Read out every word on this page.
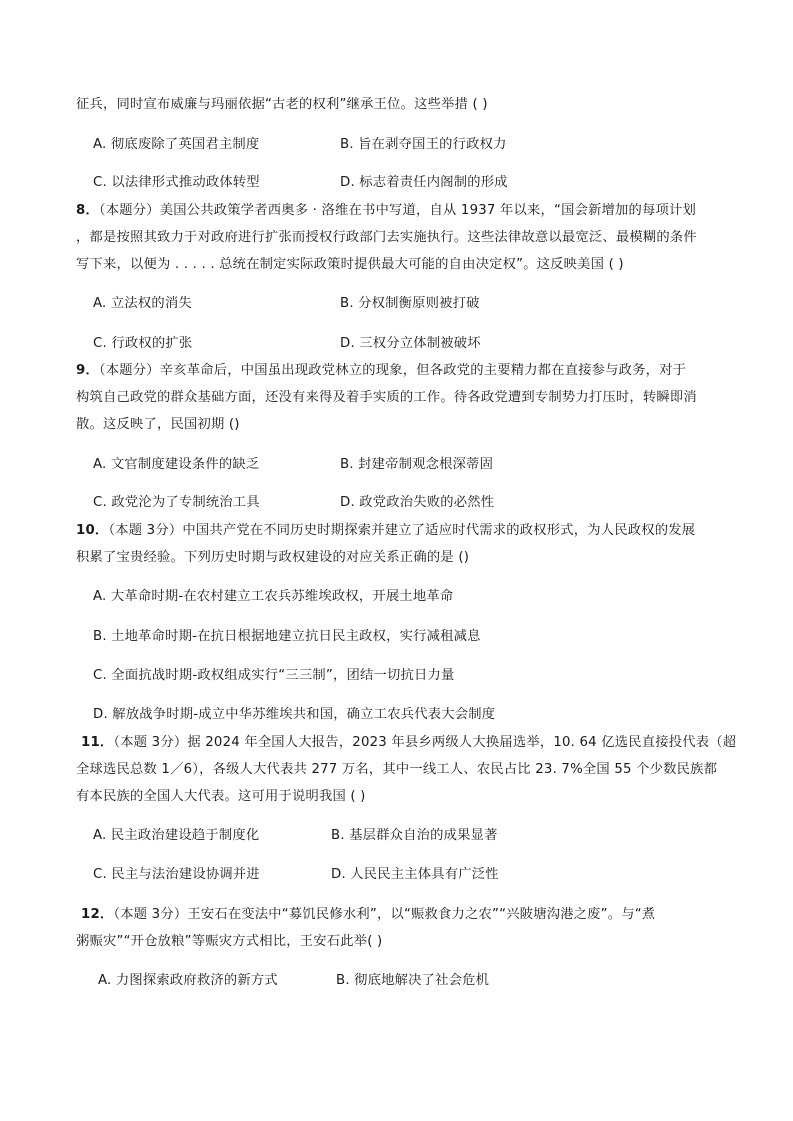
征兵，同时宣布威廉与玛丽依据“古老的权利”继承王位。这些举措 ( )
A. 彻底废除了英国君主制度	B. 旨在剥夺国王的行政权力
C. 以法律形式推动政体转型	D. 标志着责任内阁制的形成
8．（本题分）美国公共政策学者西奥多 · 洛维在书中写道，自从 1937 年以来，“国会新增加的每项计划
，都是按照其致力于对政府进行扩张而授权行政部门去实施执行。这些法律故意以最宽泛、最模糊的条件
写下来，以便为 . . . . . 总统在制定实际政策时提供最大可能的自由决定权”。这反映美国 ( )
A. 立法权的消失	B. 分权制衡原则被打破
C. 行政权的扩张	D. 三权分立体制被破坏
9．（本题分）辛亥革命后，中国虽出现政党林立的现象，但各政党的主要精力都在直接参与政务，对于
构筑自己政党的群众基础方面，还没有来得及着手实质的工作。待各政党遭到专制势力打压时，转瞬即消
散。这反映了，民国初期 ()
A. 文官制度建设条件的缺乏	B. 封建帝制观念根深蒂固
C. 政党沦为了专制统治工具	D. 政党政治失败的必然性
10．（本题 3分）中国共产党在不同历史时期探索并建立了适应时代需求的政权形式，为人民政权的发展
积累了宝贵经验。下列历史时期与政权建设的对应关系正确的是 ()
A. 大革命时期-在农村建立工农兵苏维埃政权，开展土地革命
B. 土地革命时期-在抗日根据地建立抗日民主政权，实行减租减息
C. 全面抗战时期-政权组成实行“三三制”，团结一切抗日力量
D. 解放战争时期-成立中华苏维埃共和国，确立工农兵代表大会制度
11．（本题 3分）据 2024 年全国人大报告，2023 年县乡两级人大换届选举，10. 64 亿选民直接投代表（超
全球选民总数 1／6），各级人大代表共 277 万名，其中一线工人、农民占比 23. 7%全国 55 个少数民族都
有本民族的全国人大代表。这可用于说明我国 ( )
A. 民主政治建设趋于制度化	B. 基层群众自治的成果显著
C. 民主与法治建设协调并进	D. 人民民主主体具有广泛性
12．（本题 3分）王安石在变法中“募饥民修水利”，以“赈救食力之农”“兴陂塘沟港之废”。与“煮
粥赈灾”“开仓放粮”等赈灾方式相比，王安石此举( )
A. 力图探索政府救济的新方式	B. 彻底地解决了社会危机
